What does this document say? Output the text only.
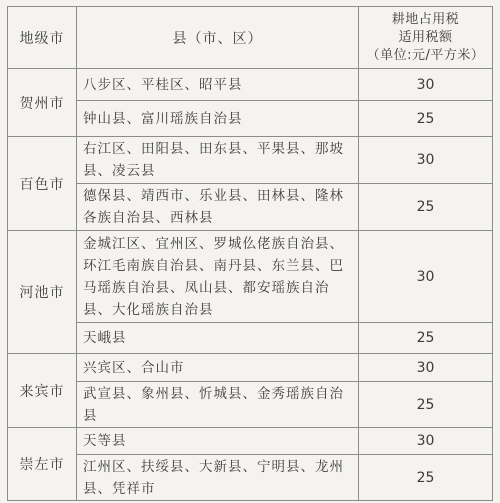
地级市	县（市、区）	耕地占用税
适用税额
（单位:元/平方米）

贺州市	八步区、平桂区、昭平县	30
	钟山县、富川瑶族自治县	25
百色市	右江区、田阳县、田东县、平果县、那坡县、凌云县	30
	德保县、靖西市、乐业县、田林县、隆林各族自治县、西林县	25
河池市	金城江区、宜州区、罗城仫佬族自治县、环江毛南族自治县、南丹县、东兰县、巴马瑶族自治县、凤山县、都安瑶族自治县、大化瑶族自治县	30
	天峨县	25
来宾市	兴宾区、合山市	30
	武宣县、象州县、忻城县、金秀瑶族自治县	25
崇左市	天等县	30
	江州区、扶绥县、大新县、宁明县、龙州县、凭祥市	25
